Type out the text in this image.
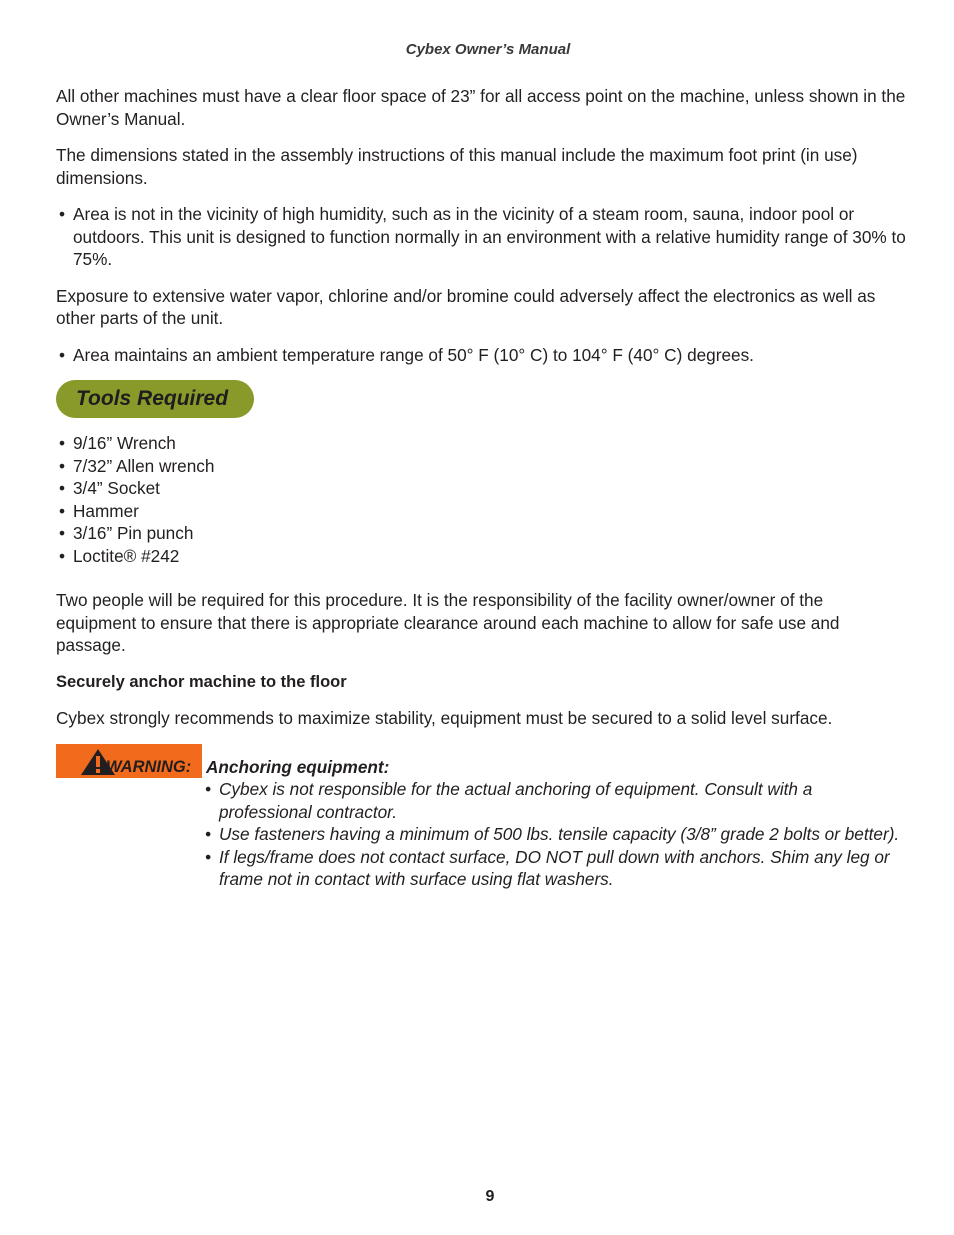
Cybex Owner’s Manual

All other machines must have a clear floor space of 23” for all access point on the machine, unless shown in the Owner’s Manual.

The dimensions stated in the assembly instructions of this manual include the maximum foot print (in use) dimensions.

• Area is not in the vicinity of high humidity, such as in the vicinity of a steam room, sauna, indoor pool or outdoors. This unit is designed to function normally in an environment with a relative humidity range of 30% to 75%.

Exposure to extensive water vapor, chlorine and/or bromine could adversely affect the electronics as well as other parts of the unit.

• Area maintains an ambient temperature range of 50° F (10° C) to 104° F (40° C) degrees.
Tools Required
• 9/16” Wrench
• 7/32” Allen wrench
• 3/4” Socket
• Hammer
• 3/16” Pin punch
• Loctite® #242

Two people will be required for this procedure. It is the responsibility of the facility owner/owner of the equipment to ensure that there is appropriate clearance around each machine to allow for safe use and passage.

Securely anchor machine to the floor

Cybex strongly recommends to maximize stability, equipment must be secured to a solid level surface.

WARNING: Anchoring equipment:
• Cybex is not responsible for the actual anchoring of equipment. Consult with a professional contractor.
• Use fasteners having a minimum of 500 lbs. tensile capacity (3/8” grade 2 bolts or better).
• If legs/frame does not contact surface, DO NOT pull down with anchors. Shim any leg or frame not in contact with surface using flat washers.
9
